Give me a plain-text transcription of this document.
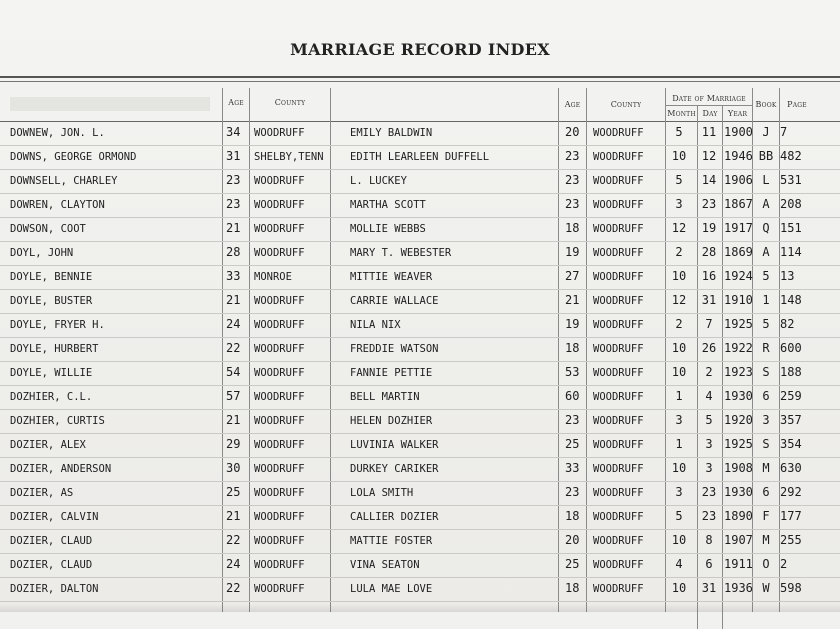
MARRIAGE RECORD INDEX
Age	County	Age	County
Date of Marriage
Month Day	Year
Book	Page
DOWNEW, JON. L.	34	WOODRUFF	EMILY BALDWIN	20 WOODRUFF	5	11 1900 J 7
DOWNS, GEORGE ORMOND	31	SHELBY,TENN	EDITH LEARLEEN DUFFELL	23 WOODRUFF	10	12 1946 BB 482
DOWNSELL, CHARLEY	23	WOODRUFF	L. LUCKEY	23 WOODRUFF	5	14 1906 L 531
DOWREN, CLAYTON	23	WOODRUFF	MARTHA SCOTT	23 WOODRUFF	3	23 1867 A 208
DOWSON, COOT	21	WOODRUFF	MOLLIE WEBBS	18 WOODRUFF	12	19 1917 Q 151
DOYL, JOHN	28	WOODRUFF	MARY T. WEBESTER	19 WOODRUFF	2	28 1869 A 114
DOYLE, BENNIE	33	MONROE	MITTIE WEAVER	27 WOODRUFF	10	16 1924 5 13
DOYLE, BUSTER	21	WOODRUFF	CARRIE WALLACE	21 WOODRUFF	12	31 1910 1 148
DOYLE, FRYER H.	24	WOODRUFF	NILA NIX	19 WOODRUFF	2	7 1925 5 82
DOYLE, HURBERT	22	WOODRUFF	FREDDIE WATSON	18 WOODRUFF	10	26 1922 R 600
DOYLE, WILLIE	54	WOODRUFF	FANNIE PETTIE	53 WOODRUFF	10	2 1923 S 188
DOZHIER, C.L.	57	WOODRUFF	BELL MARTIN	60 WOODRUFF	1	4 1930 6 259
DOZHIER, CURTIS	21	WOODRUFF	HELEN DOZHIER	23 WOODRUFF	3	5 1920 3 357
DOZIER, ALEX	29	WOODRUFF	LUVINIA WALKER	25 WOODRUFF	1	3 1925 S 354
DOZIER, ANDERSON	30	WOODRUFF	DURKEY CARIKER	33 WOODRUFF	10	3 1908 M 630
DOZIER, AS	25	WOODRUFF	LOLA SMITH	23 WOODRUFF	3	23 1930 6 292
DOZIER, CALVIN	21	WOODRUFF	CALLIER DOZIER	18 WOODRUFF	5	23 1890 F 177
DOZIER, CLAUD	22	WOODRUFF	MATTIE FOSTER	20 WOODRUFF	10	8 1907 M 255
DOZIER, CLAUD	24	WOODRUFF	VINA SEATON	25 WOODRUFF	4	6 1911 O 2
DOZIER, DALTON	22	WOODRUFF	LULA MAE LOVE	18 WOODRUFF	10	31 1936 W 598
